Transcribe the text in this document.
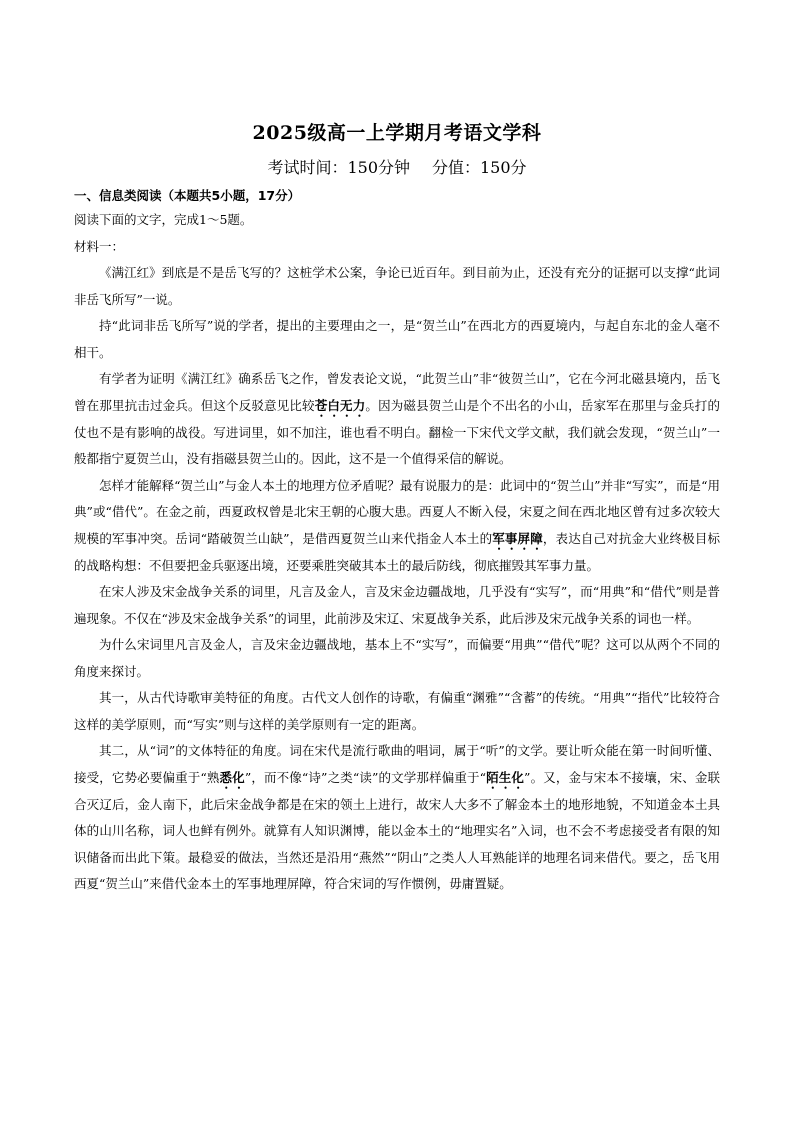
2025级高一上学期月考语文学科
考试时间：150分钟 分值：150分
一、信息类阅读（本题共5小题，17分）

阅读下面的文字，完成1～5题。

材料一：

《满江红》到底是不是岳飞写的？这桩学术公案，争论已近百年。到目前为止，还没有充分的证据可以支撑“此词非岳飞所写”一说。

持“此词非岳飞所写”说的学者，提出的主要理由之一，是“贺兰山”在西北方的西夏境内，与起自东北的金人毫不相干。

有学者为证明《满江红》确系岳飞之作，曾发表论文说，“此贺兰山”非“彼贺兰山”，它在今河北磁县境内，岳飞曾在那里抗击过金兵。但这个反驳意见比较苍白无力。因为磁县贺兰山是个不出名的小山，岳家军在那里与金兵打的仗也不是有影响的战役。写进词里，如不加注，谁也看不明白。翻检一下宋代文学文献，我们就会发现，“贺兰山”一般都指宁夏贺兰山，没有指磁县贺兰山的。因此，这不是一个值得采信的解说。

怎样才能解释“贺兰山”与金人本土的地理方位矛盾呢？最有说服力的是：此词中的“贺兰山”并非“写实”，而是“用典”或“借代”。在金之前，西夏政权曾是北宋王朝的心腹大患。西夏人不断入侵，宋夏之间在西北地区曾有过多次较大规模的军事冲突。岳词“踏破贺兰山缺”，是借西夏贺兰山来代指金人本土的军事屏障，表达自己对抗金大业终极目标的战略构想：不但要把金兵驱逐出境，还要乘胜突破其本土的最后防线，彻底摧毁其军事力量。

在宋人涉及宋金战争关系的词里，凡言及金人，言及宋金边疆战地，几乎没有“实写”，而“用典”和“借代”则是普遍现象。不仅在“涉及宋金战争关系”的词里，此前涉及宋辽、宋夏战争关系，此后涉及宋元战争关系的词也一样。

为什么宋词里凡言及金人，言及宋金边疆战地，基本上不“实写”，而偏要“用典”“借代”呢？这可以从两个不同的角度来探讨。

其一，从古代诗歌审美特征的角度。古代文人创作的诗歌，有偏重“渊雅”“含蓄”的传统。“用典”“指代”比较符合这样的美学原则，而“写实”则与这样的美学原则有一定的距离。

其二，从“词”的文体特征的角度。词在宋代是流行歌曲的唱词，属于“听”的文学。要让听众能在第一时间听懂、接受，它势必要偏重于“熟悉化”，而不像“诗”之类“读”的文学那样偏重于“陌生化”。又，金与宋本不接壤，宋、金联合灭辽后，金人南下，此后宋金战争都是在宋的领土上进行，故宋人大多不了解金本土的地形地貌，不知道金本土具体的山川名称，词人也鲜有例外。就算有人知识渊博，能以金本土的“地理实名”入词，也不会不考虑接受者有限的知识储备而出此下策。最稳妥的做法，当然还是沿用“燕然”“阴山”之类人人耳熟能详的地理名词来借代。要之，岳飞用西夏“贺兰山”来借代金本土的军事地理屏障，符合宋词的写作惯例，毋庸置疑。
